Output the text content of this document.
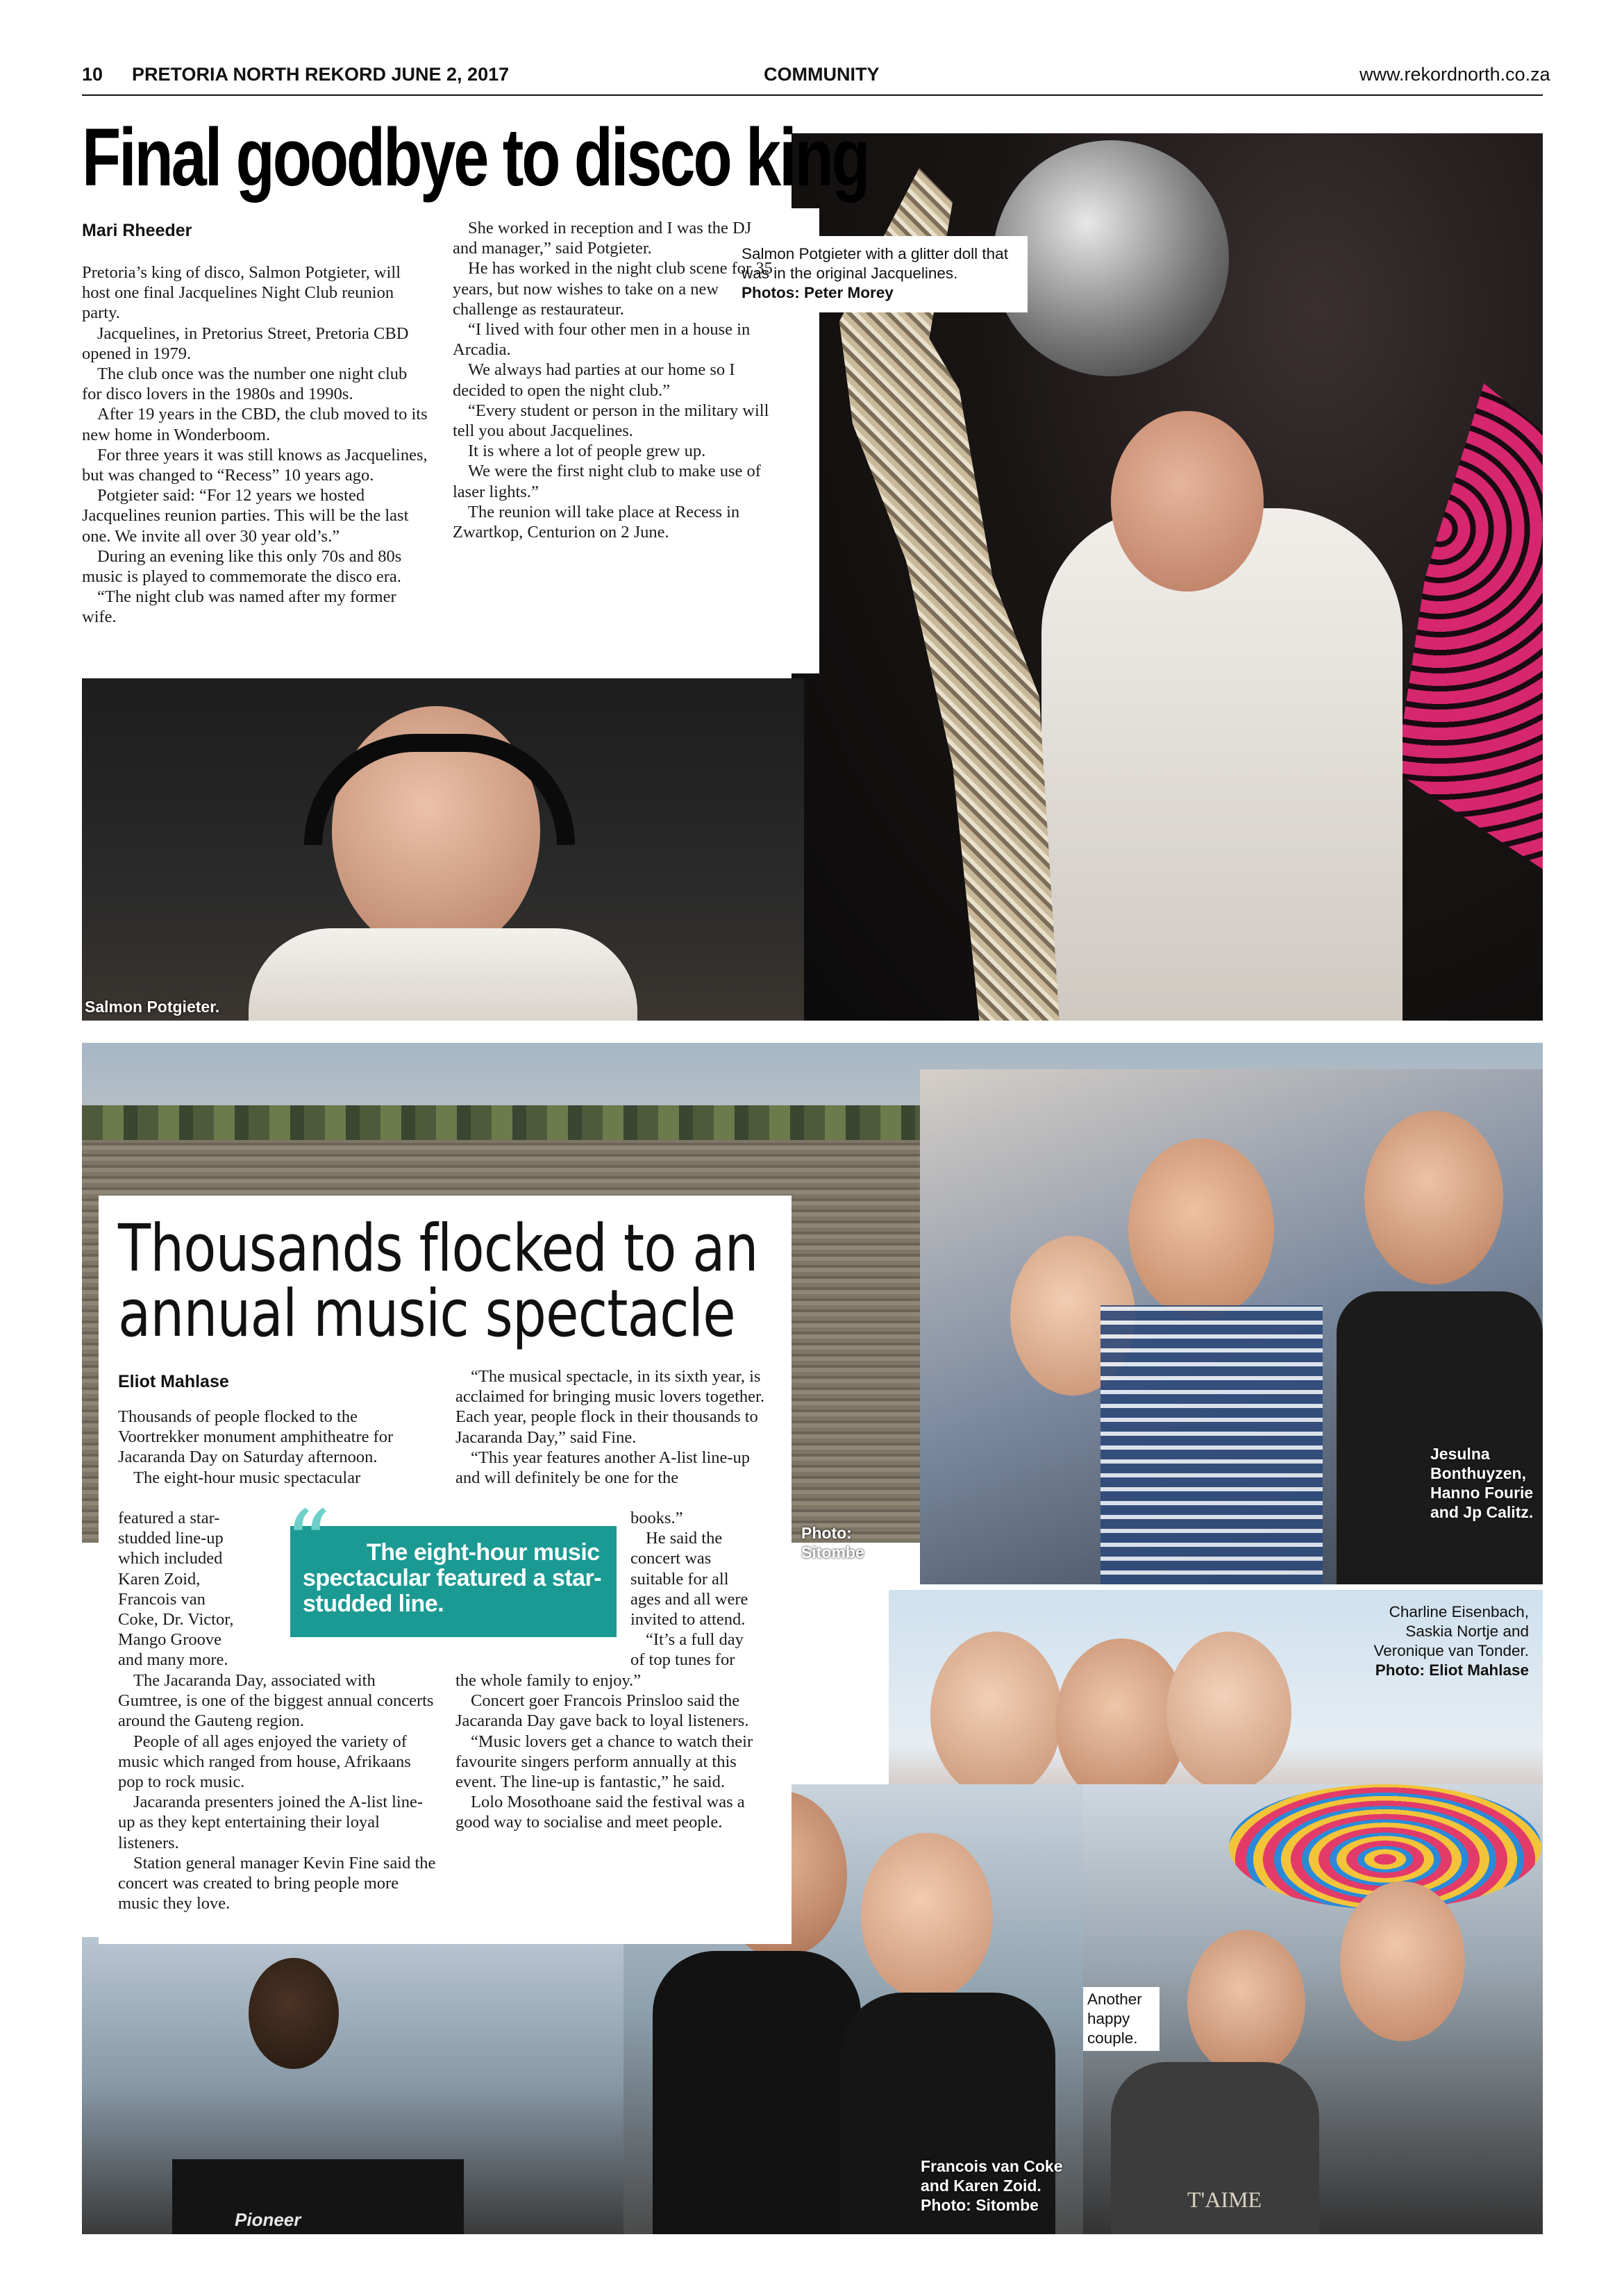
10 PRETORIA NORTH REKORD JUNE 2, 2017	COMMUNITY	www.rekordnorth.co.za
Final goodbye to disco king
Mari Rheeder

Pretoria’s king of disco, Salmon Potgieter, will host one final Jacquelines Night Club reunion party.

Jacquelines, in Pretorius Street, Pretoria CBD opened in 1979.

The club once was the number one night club for disco lovers in the 1980s and 1990s.

After 19 years in the CBD, the club moved to its new home in Wonderboom.

For three years it was still knows as Jacquelines, but was changed to “Recess” 10 years ago.

Potgieter said: “For 12 years we hosted Jacquelines reunion parties. This will be the last one. We invite all over 30 year old’s.”

During an evening like this only 70s and 80s music is played to commemorate the disco era.

“The night club was named after my former wife.

She worked in reception and I was the DJ and manager,” said Potgieter.

He has worked in the night club scene for 35 years, but now wishes to take on a new challenge as restaurateur.

“I lived with four other men in a house in Arcadia.

We always had parties at our home so I decided to open the night club.”

“Every student or person in the military will tell you about Jacquelines.

It is where a lot of people grew up.

We were the first night club to make use of laser lights.”

The reunion will take place at Recess in Zwartkop, Centurion on 2 June.

Salmon Potgieter with a glitter doll that was in the original Jacquelines.
Photos: Peter Morey
Salmon Potgieter.
T'AIME
Pioneer
Thousands flocked to an
annual music spectacle
Eliot Mahlase

Thousands of people flocked to the Voortrekker monument amphitheatre for Jacaranda Day on Saturday afternoon.

The eight-hour music spectacular

featured a star-
studded line-up
which included
Karen Zoid,
Francois van
Coke, Dr. Victor,
Mango Groove
and many more.

The Jacaranda Day, associated with Gumtree, is one of the biggest annual concerts around the Gauteng region.

People of all ages enjoyed the variety of music which ranged from house, Afrikaans pop to rock music.

Jacaranda presenters joined the A-list line-up as they kept entertaining their loyal listeners.

Station general manager Kevin Fine said the concert was created to bring people more music they love.

“The musical spectacle, in its sixth year, is acclaimed for bringing music lovers together. Each year, people flock in their thousands to Jacaranda Day,” said Fine.

“This year features another A-list line-up and will definitely be one for the

books.”
He said the
concert was
suitable for all
ages and all were
invited to attend.
“It’s a full day
of top tunes for

the whole family to enjoy.”

Concert goer Francois Prinsloo said the Jacaranda Day gave back to loyal listeners.

“Music lovers get a chance to watch their favourite singers perform annually at this event. The line-up is fantastic,” he said.

Lolo Mosothoane said the festival was a good way to socialise and meet people.

“	The eight-hour music spectacular featured a star-studded line.
Photo: Sitombe
Jesulna Bonthuyzen, Hanno Fourie and Jp Calitz.
Charline Eisenbach, Saskia Nortje and Veronique van Tonder.
Photo: Eliot Mahlase
Another happy couple.
Francois van Coke and Karen Zoid.
Photo: Sitombe
